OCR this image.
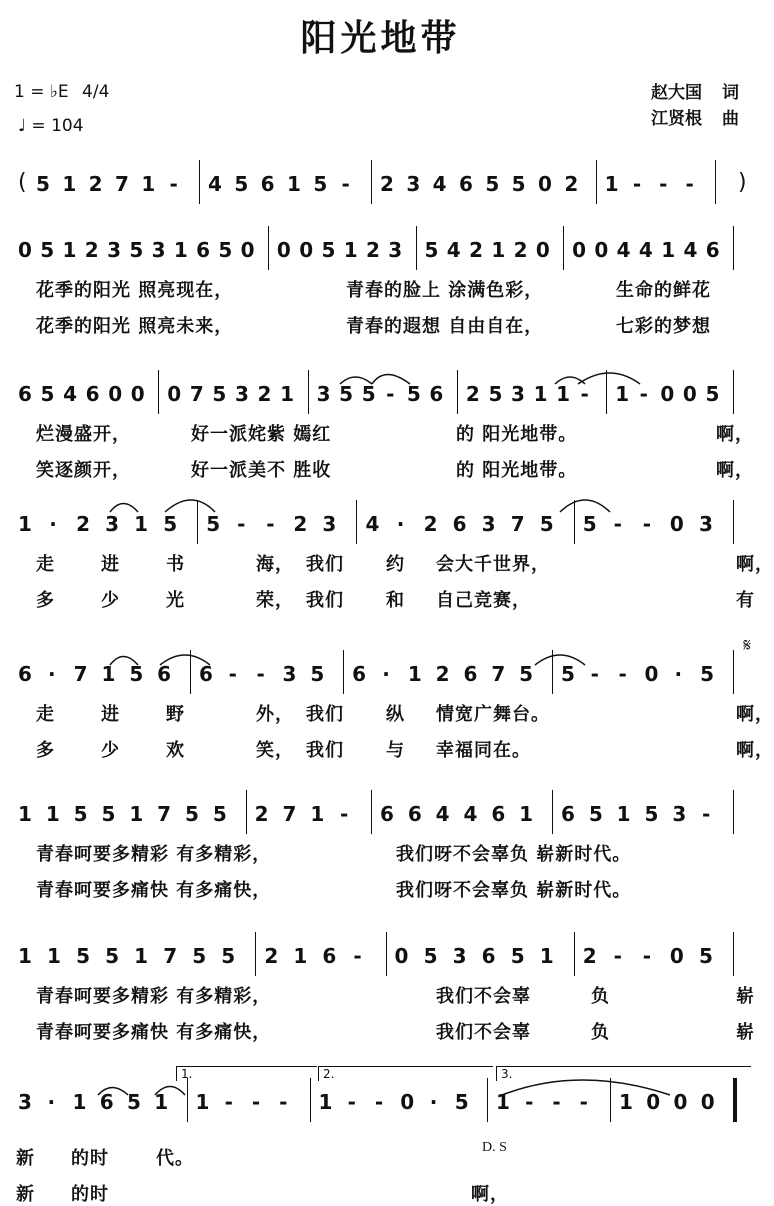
阳光地带
1 = ♭E 4/4
♩ = 104
赵大国 词
江贤根 曲
𝄋
( 5 1 2 7 1 - 4 5 6 1 5 - 2 3 4 6 5 5 0 2 1 - - - )
0 5 1 2 3 5 3 1 6 5 0 0 0 5 1 2 3 5 4 2 1 2 0 0 0 4 4 1 4 6
6 5 4 6 0 0 0 7 5 3 2 1 3 5 5 - 5 6 2 5 3 1 1 - 1 - 0 0 5
1 · 2 3 1 5 5 - - 2 3 4 · 2 6 3 7 5 5 - - 0 3
6 · 7 1 5 6 6 - - 3 5 6 · 1 2 6 7 5 5 - - 0 · 5
1 1 5 5 1 7 5 5 2 7 1 - 6 6 4 4 6 1 6 5 1 5 3 -
1 1 5 5 1 7 5 5 2 1 6 - 0 5 3 6 5 1 2 - - 0 5
3 · 1 6 5 1 1 - - - 1 - - 0 · 5 1 - - - 1 0 0 0
1.	2.	3.
D. S
花季的阳光 照亮现在，	青春的脸上 涂满色彩，	生命的鲜花
花季的阳光 照亮未来，	青春的遐想 自由自在，	七彩的梦想
烂漫盛开，	好一派姹紫 嫣红	的 阳光地带。	啊，
笑逐颜开，	好一派美不 胜收	的 阳光地带。	啊，
走	进	书	海， 我们 约 会大千世界，	啊，
多	少	光	荣， 我们 和 自己竞赛，	有
走	进	野	外， 我们 纵 情宽广舞台。	啊，
多	少	欢	笑， 我们 与 幸福同在。	啊，
青春呵要多精彩 有多精彩，	我们呀不会辜负 崭新时代。
青春呵要多痛快 有多痛快，	我们呀不会辜负 崭新时代。
青春呵要多精彩 有多精彩，	我们不会辜	负	崭
青春呵要多痛快 有多痛快，	我们不会辜	负	崭
新 的时	代。
新 的时	啊，
